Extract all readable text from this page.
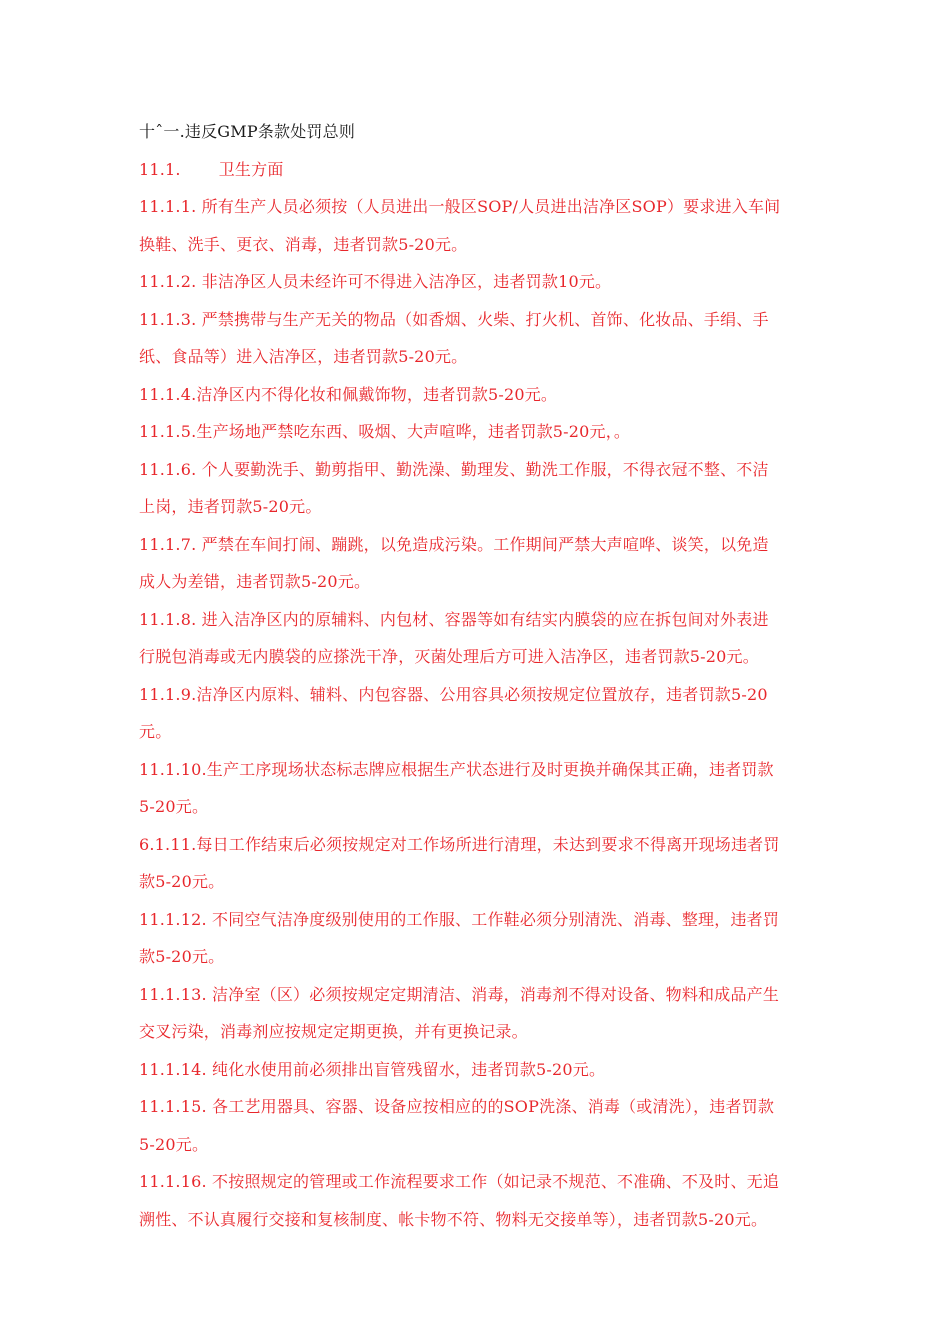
十ˆ一.违反GMP条款处罚总则
11.1. 卫生方面
11.1.1. 所有生产人员必须按（人员进出一般区SOP/人员进出洁净区SOP）要求进入车间
换鞋、洗手、更衣、消毒，违者罚款5-20元。
11.1.2. 非洁净区人员未经许可不得进入洁净区，违者罚款10元。
11.1.3. 严禁携带与生产无关的物品（如香烟、火柴、打火机、首饰、化妆品、手绢、手
纸、食品等）进入洁净区，违者罚款5-20元。
11.1.4.洁净区内不得化妆和佩戴饰物，违者罚款5-20元。
11.1.5.生产场地严禁吃东西、吸烟、大声喧哗，违者罚款5-20元，。
11.1.6. 个人要勤洗手、勤剪指甲、勤洗澡、勤理发、勤洗工作服，不得衣冠不整、不洁
上岗，违者罚款5-20元。
11.1.7. 严禁在车间打闹、蹦跳，以免造成污染。工作期间严禁大声喧哗、谈笑，以免造
成人为差错，违者罚款5-20元。
11.1.8. 进入洁净区内的原辅料、内包材、容器等如有结实内膜袋的应在拆包间对外表进
行脱包消毒或无内膜袋的应搽洗干净，灭菌处理后方可进入洁净区，违者罚款5-20元。
11.1.9.洁净区内原料、辅料、内包容器、公用容具必须按规定位置放存，违者罚款5-20
元。
11.1.10.生产工序现场状态标志牌应根据生产状态进行及时更换并确保其正确，违者罚款
5-20元。
6.1.11.每日工作结束后必须按规定对工作场所进行清理，未达到要求不得离开现场违者罚
款5-20元。
11.1.12. 不同空气洁净度级别使用的工作服、工作鞋必须分别清洗、消毒、整理，违者罚
款5-20元。
11.1.13. 洁净室（区）必须按规定定期清洁、消毒，消毒剂不得对设备、物料和成品产生
交叉污染，消毒剂应按规定定期更换，并有更换记录。
11.1.14. 纯化水使用前必须排出盲管残留水，违者罚款5-20元。
11.1.15. 各工艺用器具、容器、设备应按相应的的SOP洗涤、消毒（或清洗），违者罚款
5-20元。
11.1.16. 不按照规定的管理或工作流程要求工作（如记录不规范、不准确、不及时、无追
溯性、不认真履行交接和复核制度、帐卡物不符、物料无交接单等），违者罚款5-20元。
